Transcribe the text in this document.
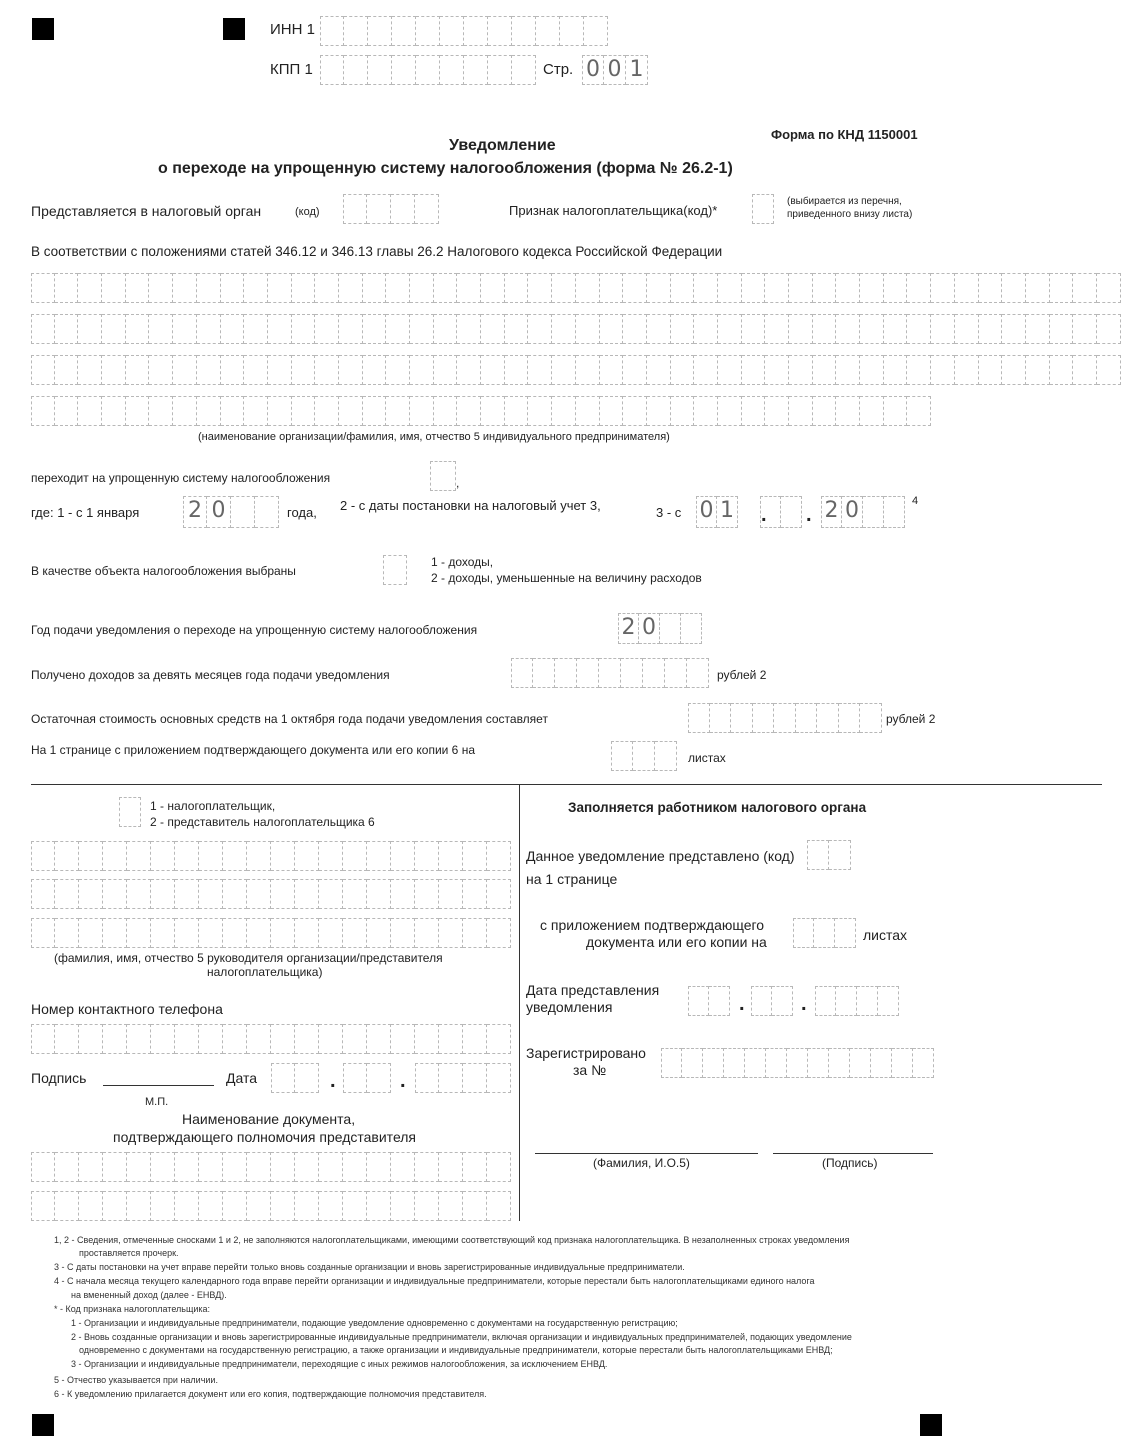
ИНН 1
КПП 1	Стр. 0 0 1
Форма по КНД 1150001
Уведомление
о переходе на упрощенную систему налогообложения (форма № 26.2-1)
Представляется в налоговый орган	(код)	Признак налогоплательщика(код)*
(выбирается из перечня,
приведенного внизу листа)
В соответствии с положениями статей 346.12 и 346.13 главы 26.2 Налогового кодекса Российской Федерации
(наименование организации/фамилия, имя, отчество 5 индивидуального предпринимателя)
переходит на упрощенную систему налогообложения	,
где: 1 - с 1 января 2 0	года, 2 - с даты постановки на налоговый учет 3,	3 - с 0 1 . . 2 0	4
В качестве объекта налогообложения выбраны
1 - доходы,
2 - доходы, уменьшенные на величину расходов
Год подачи уведомления о переходе на упрощенную систему налогообложения	2 0
Получено доходов за девять месяцев года подачи уведомления	рублей 2
Остаточная стоимость основных средств на 1 октября года подачи уведомления составляет	рублей 2
На 1 странице с приложением подтверждающего документа или его копии 6 на
листах
1 - налогоплательщик,
2 - представитель налогоплательщика 6
(фамилия, имя, отчество 5 руководителя организации/представителя
налогоплательщика)
Номер контактного телефона
Подпись	Дата	.	.
М.П.
Наименование документа,
подтверждающего полномочия представителя
Заполняется работником налогового органа
Данное уведомление представлено (код)
на 1 странице
с приложением подтверждающего
документа или его копии на	листах
Дата представления
уведомления	.	.
Зарегистрировано
за №
(Фамилия, И.О.5)	(Подпись)
1, 2 - Сведения, отмеченные сносками 1 и 2, не заполняются налогоплательщиками, имеющими соответствующий код признака налогоплательщика. В незаполненных строках уведомления
проставляется прочерк.
3 - С даты постановки на учет вправе перейти только вновь созданные организации и вновь зарегистрированные индивидуальные предприниматели.
4 - С начала месяца текущего календарного года вправе перейти организации и индивидуальные предприниматели, которые перестали быть налогоплательщиками единого налога
на вмененный доход (далее - ЕНВД).
* - Код признака налогоплательщика:
1 - Организации и индивидуальные предприниматели, подающие уведомление одновременно с документами на государственную регистрацию;
2 - Вновь созданные организации и вновь зарегистрированные индивидуальные предприниматели, включая организации и индивидуальных предпринимателей, подающих уведомление
одновременно с документами на государственную регистрацию, а также организации и индивидуальные предприниматели, которые перестали быть налогоплательщиками ЕНВД;
3 - Организации и индивидуальные предприниматели, переходящие с иных режимов налогообложения, за исключением ЕНВД.
5 - Отчество указывается при наличии.
6 - К уведомлению прилагается документ или его копия, подтверждающие полномочия представителя.
